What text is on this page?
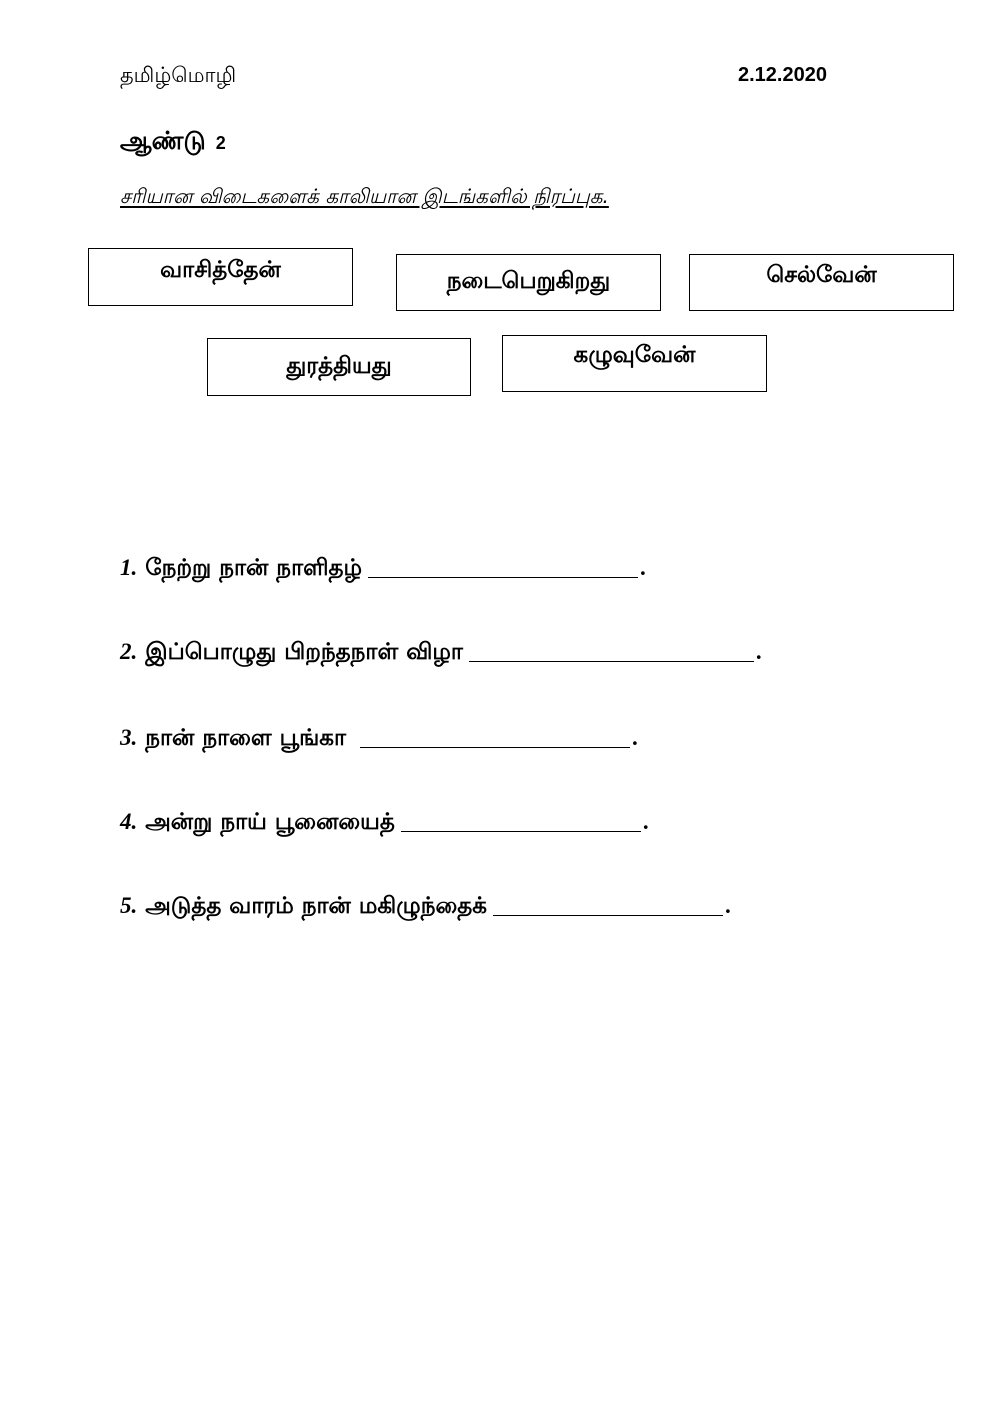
தமிழ்மொழி	2.12.2020
ஆண்டு 2
சரியான விடைகளைக் காலியான இடங்களில் நிரப்புக.
வாசித்தேன்	நடைபெறுகிறது	செல்வேன்
துரத்தியது	கழுவுவேன்
1. நேற்று நான் நாளிதழ்	.
2. இப்பொழுது பிறந்தநாள் விழா	.
3. நான் நாளை பூங்கா	.
4. அன்று நாய் பூனையைத்	.
5. அடுத்த வாரம் நான் மகிழுந்தைக்	.
